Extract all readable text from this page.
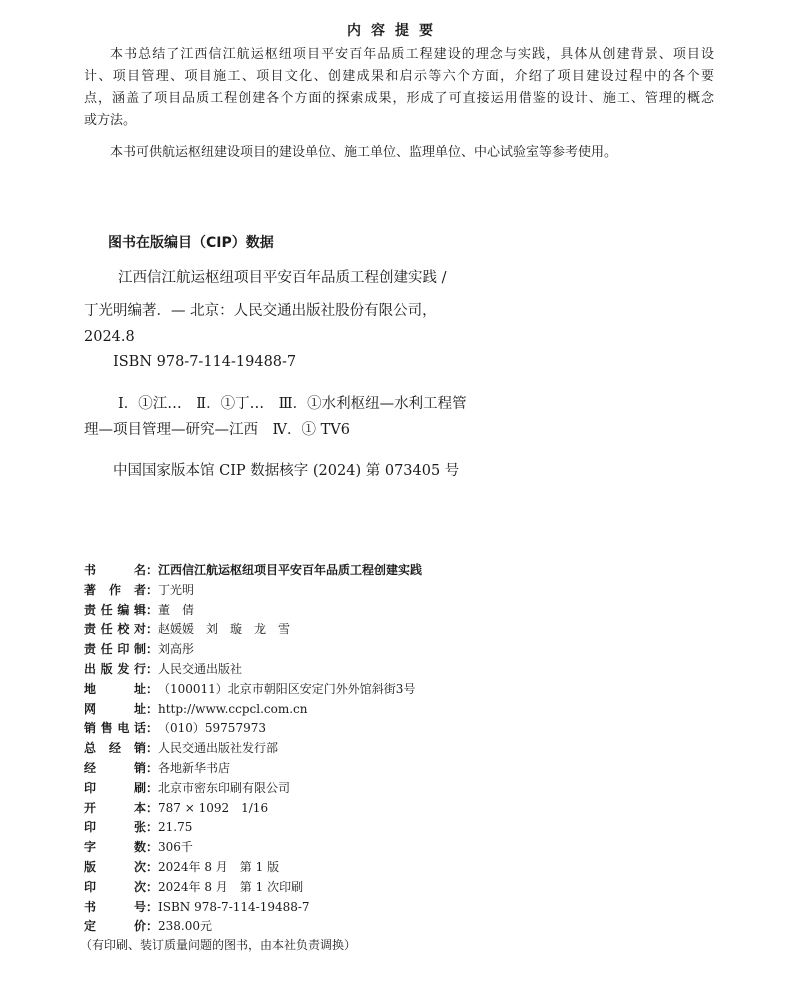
内容提要
本书总结了江西信江航运枢纽项目平安百年品质工程建设的理念与实践，具体从创建背景、项目设
计、项目管理、项目施工、项目文化、创建成果和启示等六个方面，介绍了项目建设过程中的各个要
点，涵盖了项目品质工程创建各个方面的探索成果，形成了可直接运用借鉴的设计、施工、管理的概念
或方法。
本书可供航运枢纽建设项目的建设单位、施工单位、监理单位、中心试验室等参考使用。
图书在版编目（CIP）数据
江西信江航运枢纽项目平安百年品质工程创建实践 /
丁光明编著．— 北京：人民交通出版社股份有限公司，
2024.8
ISBN 978-7-114-19488-7
Ⅰ．①江…　Ⅱ．①丁…　Ⅲ．①水利枢纽—水利工程管
理—项目管理—研究—江西　Ⅳ．① TV6
中国国家版本馆 CIP 数据核字 (2024) 第 073405 号
书名：江西信江航运枢纽项目平安百年品质工程创建实践
著作者：丁光明
责任编辑：董　倩
责任校对：赵媛媛　刘　璇　龙　雪
责任印制：刘高彤
出版发行：人民交通出版社
地址：（100011）北京市朝阳区安定门外外馆斜街3号
网址：http://www.ccpcl.com.cn
销售电话：（010）59757973
总经销：人民交通出版社发行部
经销：各地新华书店
印刷：北京市密东印刷有限公司
开本：787 × 1092　1/16
印张：21.75
字数：306千
版次：2024年 8 月　第 1 版
印次：2024年 8 月　第 1 次印刷
书号：ISBN 978-7-114-19488-7
定价：238.00元
（有印刷、装订质量问题的图书，由本社负责调换）
